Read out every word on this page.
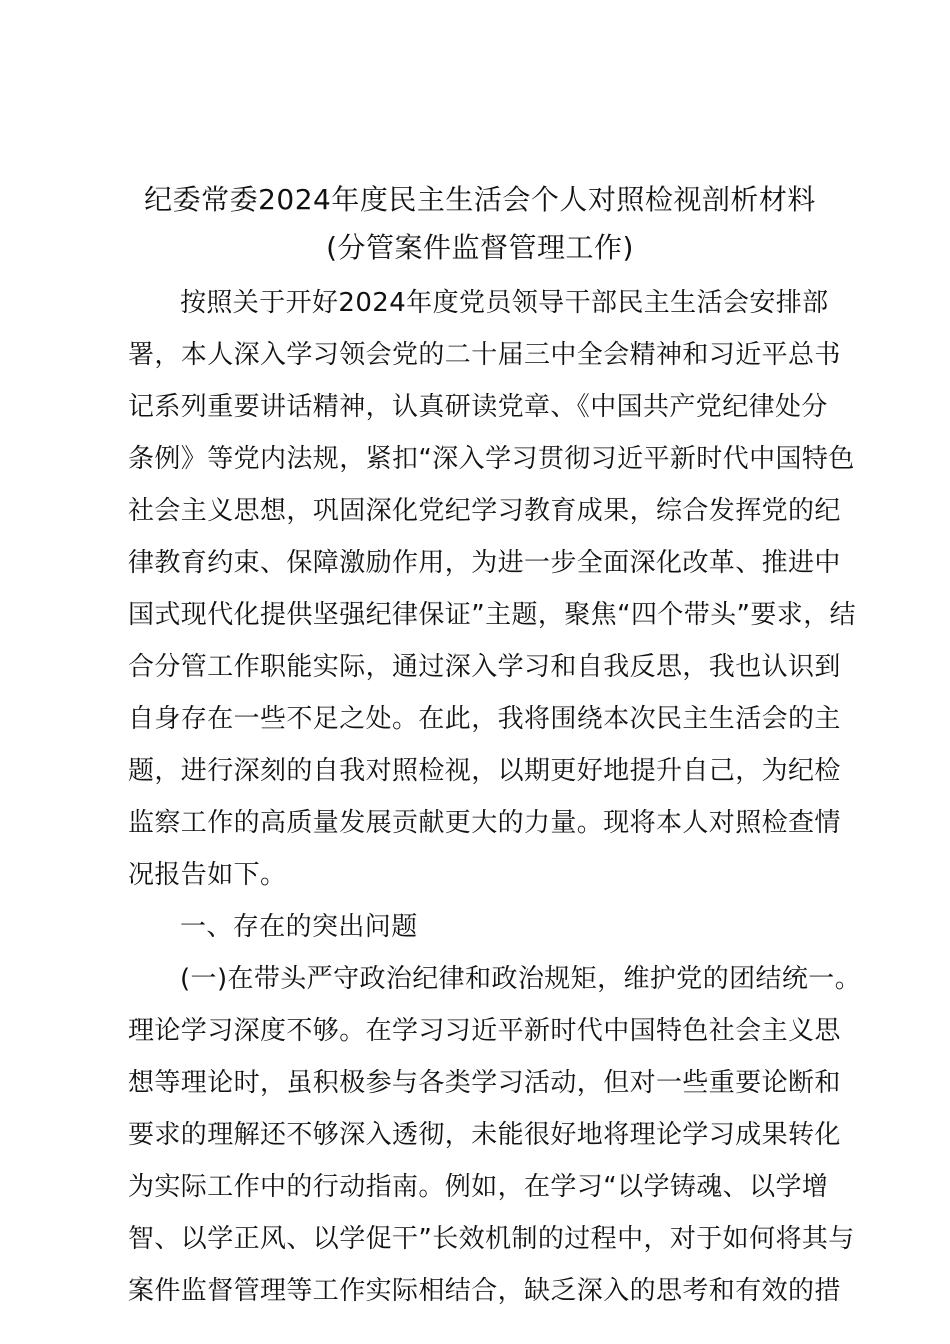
纪委常委2024年度民主生活会个人对照检视剖析材料
(分管案件监督管理工作)
按照关于开好2024年度党员领导干部民主生活会安排部
署，本人深入学习领会党的二十届三中全会精神和习近平总书
记系列重要讲话精神，认真研读党章、《中国共产党纪律处分
条例》等党内法规，紧扣“深入学习贯彻习近平新时代中国特色
社会主义思想，巩固深化党纪学习教育成果，综合发挥党的纪
律教育约束、保障激励作用，为进一步全面深化改革、推进中
国式现代化提供坚强纪律保证”主题，聚焦“四个带头”要求，结
合分管工作职能实际，通过深入学习和自我反思，我也认识到
自身存在一些不足之处。在此，我将围绕本次民主生活会的主
题，进行深刻的自我对照检视，以期更好地提升自己，为纪检
监察工作的高质量发展贡献更大的力量。现将本人对照检查情
况报告如下。
一、存在的突出问题
(一)在带头严守政治纪律和政治规矩，维护党的团结统一。
理论学习深度不够。在学习习近平新时代中国特色社会主义思
想等理论时，虽积极参与各类学习活动，但对一些重要论断和
要求的理解还不够深入透彻，未能很好地将理论学习成果转化
为实际工作中的行动指南。例如，在学习“以学铸魂、以学增
智、以学正风、以学促干”长效机制的过程中，对于如何将其与
案件监督管理等工作实际相结合，缺乏深入的思考和有效的措
